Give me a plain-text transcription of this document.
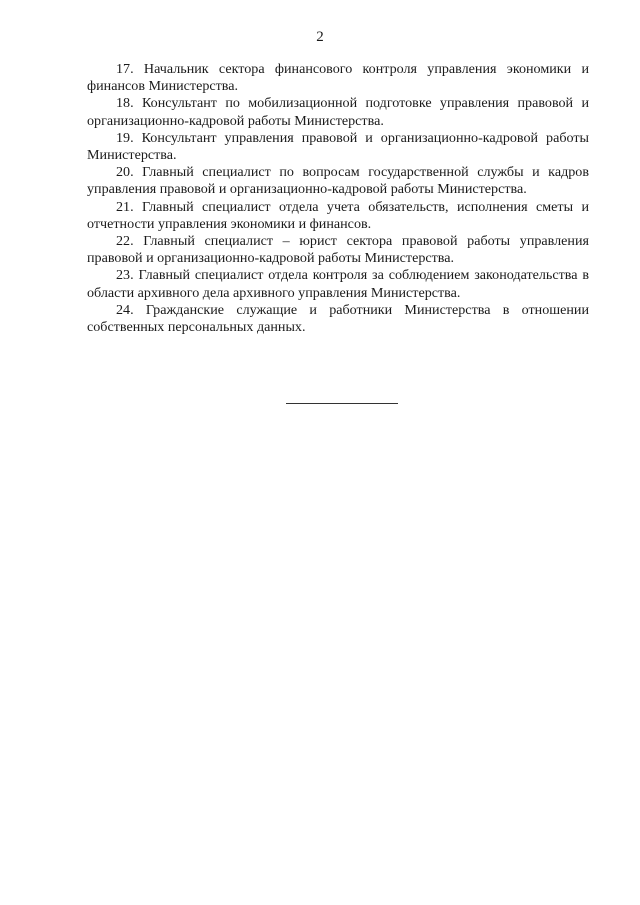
2

17. Начальник сектора финансового контроля управления экономики и финансов Министерства.

18. Консультант по мобилизационной подготовке управления правовой и организационно-кадровой работы Министерства.

19. Консультант управления правовой и организационно-кадровой работы Министерства.

20. Главный специалист по вопросам государственной службы и кадров управления правовой и организационно-кадровой работы Министерства.

21. Главный специалист отдела учета обязательств, исполнения сметы и отчетности управления экономики и финансов.

22. Главный специалист – юрист сектора правовой работы управления правовой и организационно-кадровой работы Министерства.

23. Главный специалист отдела контроля за соблюдением законодательства в области архивного дела архивного управления Министерства.

24. Гражданские служащие и работники Министерства в отношении собственных персональных данных.
